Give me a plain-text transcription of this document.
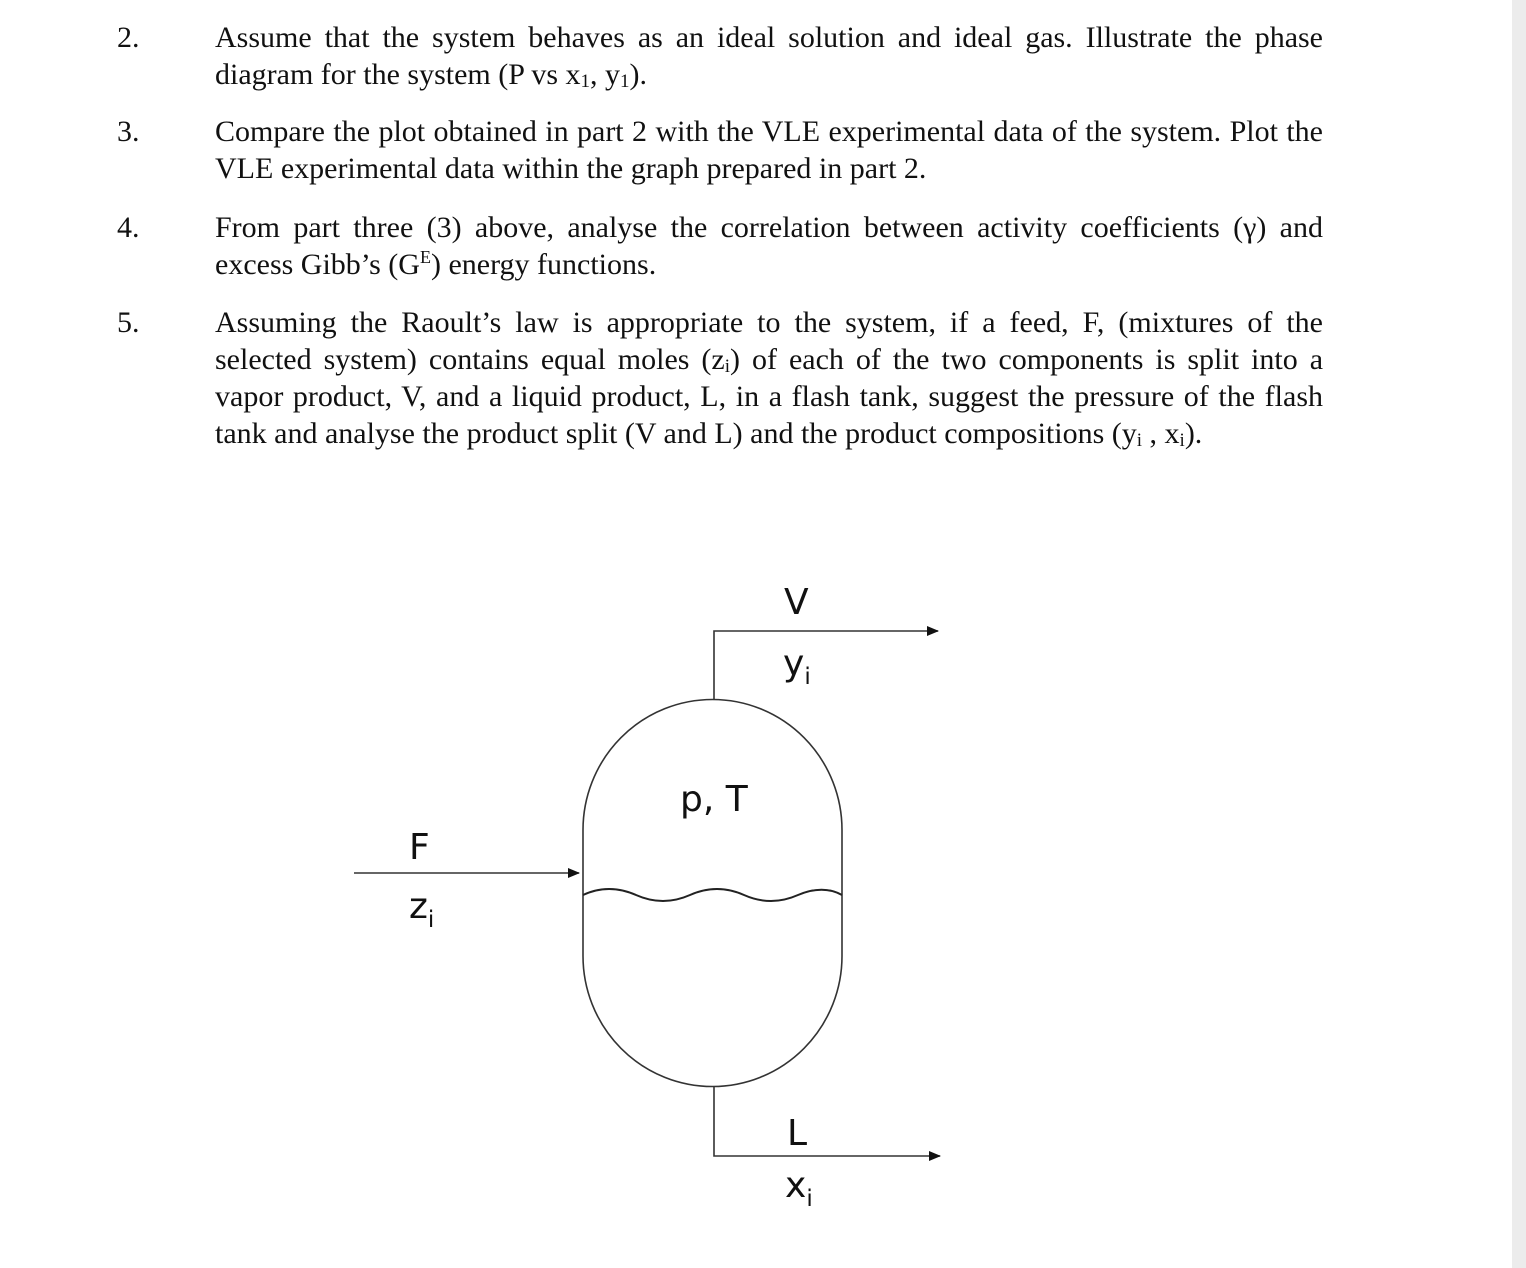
2.	Assume that the system behaves as an ideal solution and ideal gas. Illustrate the phase diagram for the system (P vs $x_1$, $y_1$).
3.	Compare the plot obtained in part 2 with the VLE experimental data of the system. Plot the VLE experimental data within the graph prepared in part 2.
4.	From part three (3) above, analyse the correlation between activity coefficients (γ) and excess Gibb’s $(G^E)$ energy functions.
5.	Assuming the Raoult’s law is appropriate to the system, if a feed, F, (mixtures of the selected system) contains equal moles $(z_i)$ of each of the two components is split into a vapor product, V, and a liquid product, L, in a flash tank, suggest the pressure of the flash tank and analyse the product split (V and L) and the product compositions ($y_i$ , $x_i$).
V
$y_i$
p, T
F
$z_i$
L
$x_i$
